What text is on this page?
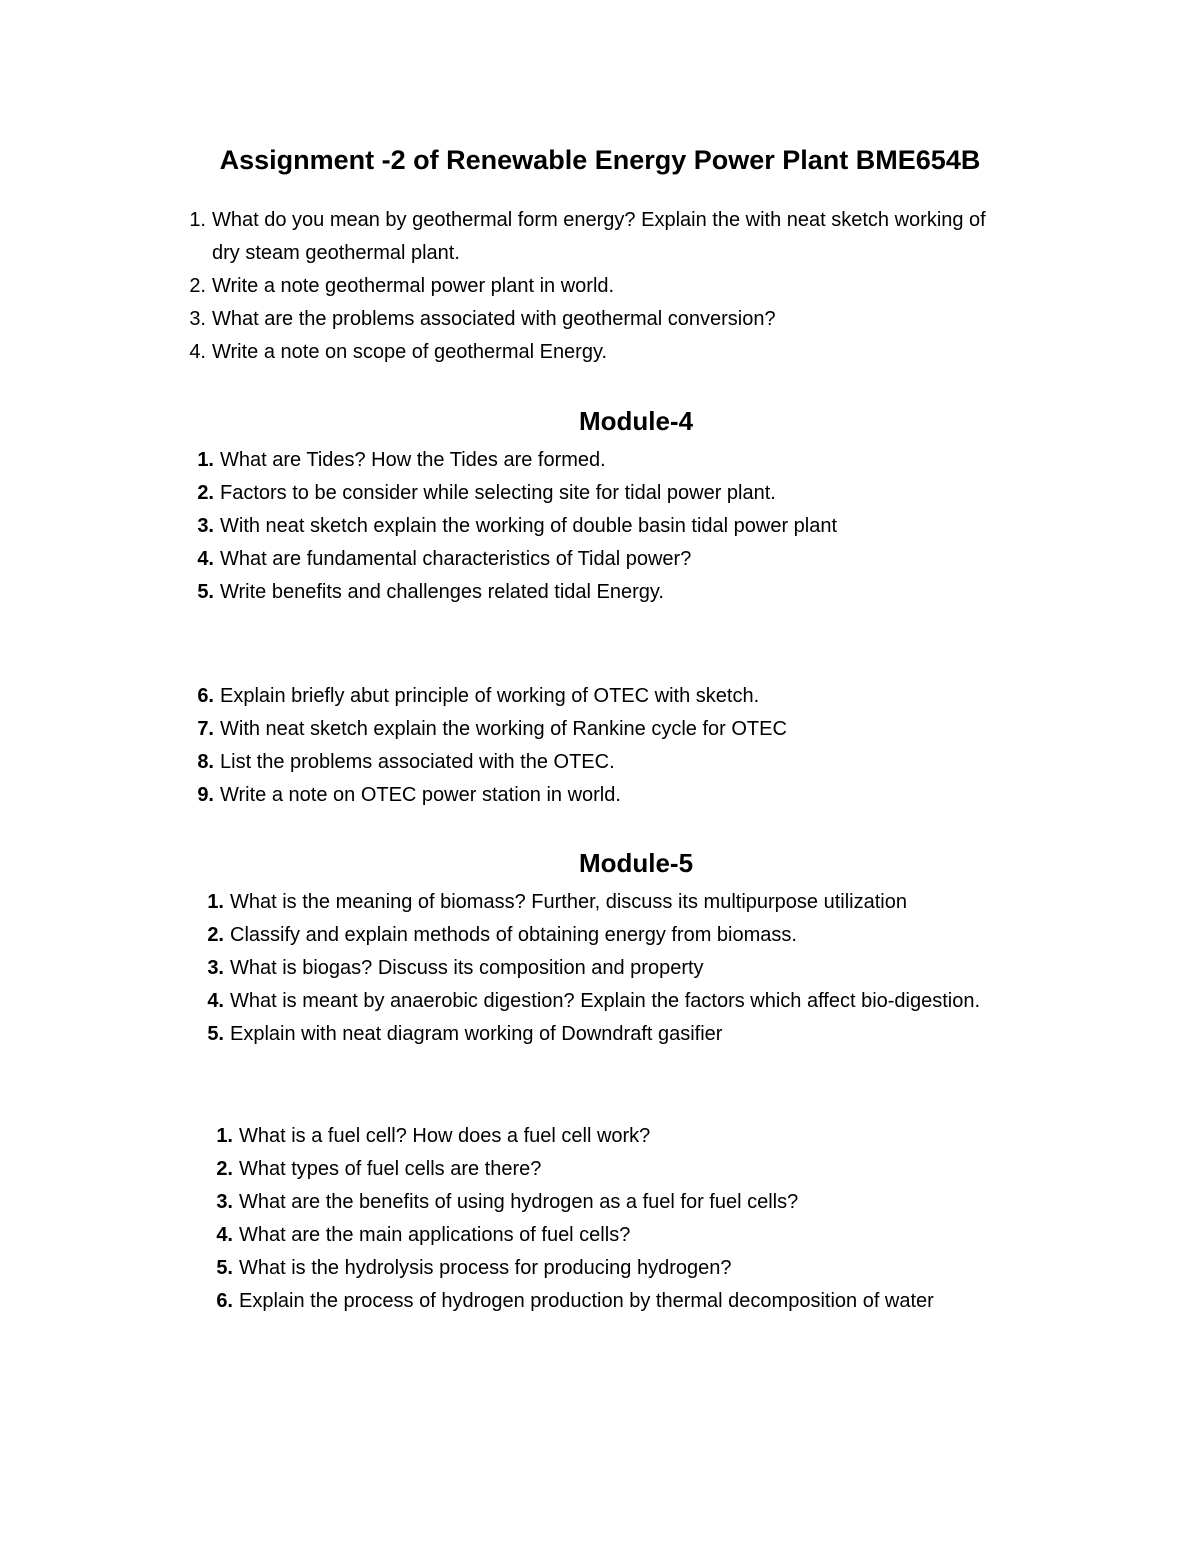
Assignment -2 of Renewable Energy Power Plant BME654B
1. What do you mean by geothermal form energy? Explain the with neat sketch working of
dry steam geothermal plant.
2. Write a note geothermal power plant in world.
3. What are the problems associated with geothermal conversion?
4. Write a note on scope of geothermal Energy.
Module-4
1. What are Tides? How the Tides are formed.
2. Factors to be consider while selecting site for tidal power plant.
3. With neat sketch explain the working of double basin tidal power plant
4. What are fundamental characteristics of Tidal power?
5. Write benefits and challenges related tidal Energy.
6. Explain briefly abut principle of working of OTEC with sketch.
7. With neat sketch explain the working of Rankine cycle for OTEC
8. List the problems associated with the OTEC.
9. Write a note on OTEC power station in world.
Module-5
1. What is the meaning of biomass? Further, discuss its multipurpose utilization
2. Classify and explain methods of obtaining energy from biomass.
3. What is biogas? Discuss its composition and property
4. What is meant by anaerobic digestion? Explain the factors which affect bio-digestion.
5. Explain with neat diagram working of Downdraft gasifier
1. What is a fuel cell? How does a fuel cell work?
2. What types of fuel cells are there?
3. What are the benefits of using hydrogen as a fuel for fuel cells?
4. What are the main applications of fuel cells?
5. What is the hydrolysis process for producing hydrogen?
6. Explain the process of hydrogen production by thermal decomposition of water
